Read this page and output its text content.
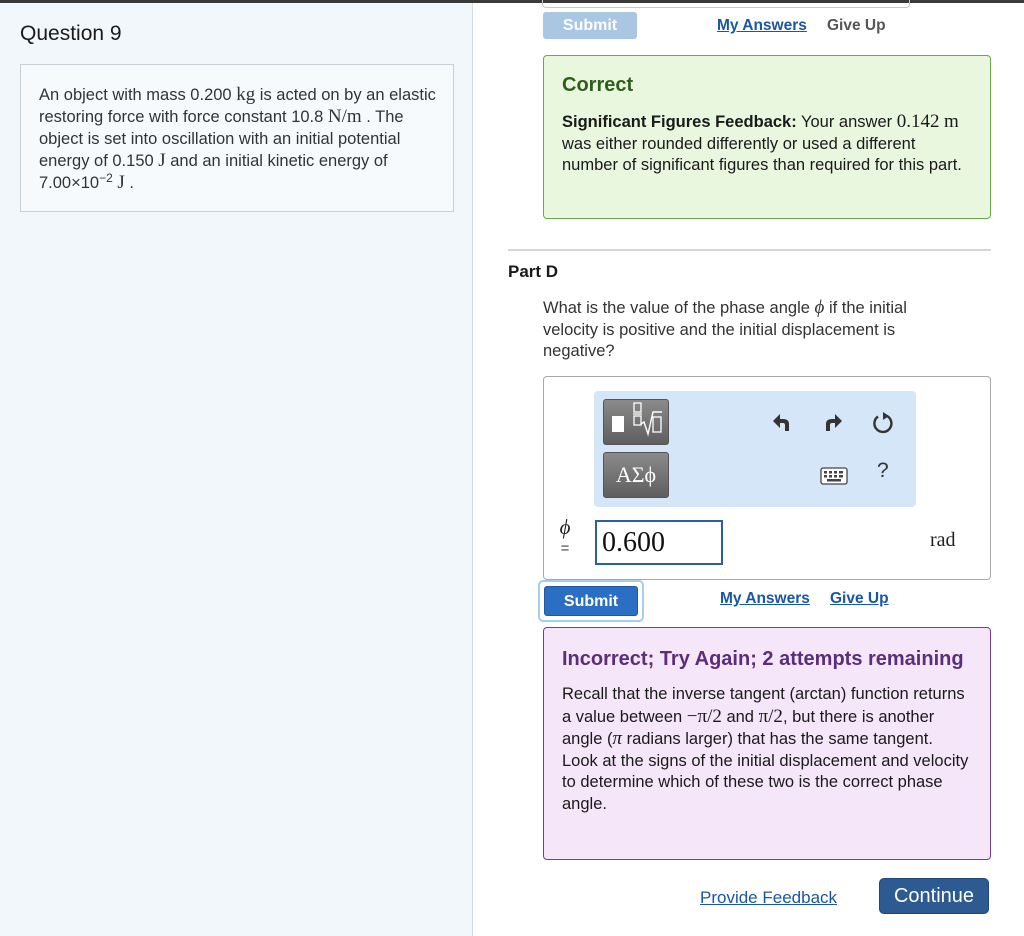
Question 9
An object with mass 0.200 kg is acted on by an elastic restoring force with force constant 10.8 N/m . The object is set into oscillation with an initial potential energy of 0.150 J and an initial kinetic energy of $7.00\times 10^{-2}$ J .
Submit	My Answers Give Up
Correct
Significant Figures Feedback: Your answer 0.142 m was either rounded differently or used a different number of significant figures than required for this part.
Part D
What is the value of the phase angle ϕ if the initial velocity is positive and the initial displacement is negative?
ΑΣϕ	?
ϕ
= 0.600	rad
Submit	My Answers Give Up
Incorrect; Try Again; 2 attempts remaining
Recall that the inverse tangent (arctan) function returns a value between −π/2 and π/2, but there is another angle (π radians larger) that has the same tangent. Look at the signs of the initial displacement and velocity to determine which of these two is the correct phase angle.
Provide Feedback	Continue
